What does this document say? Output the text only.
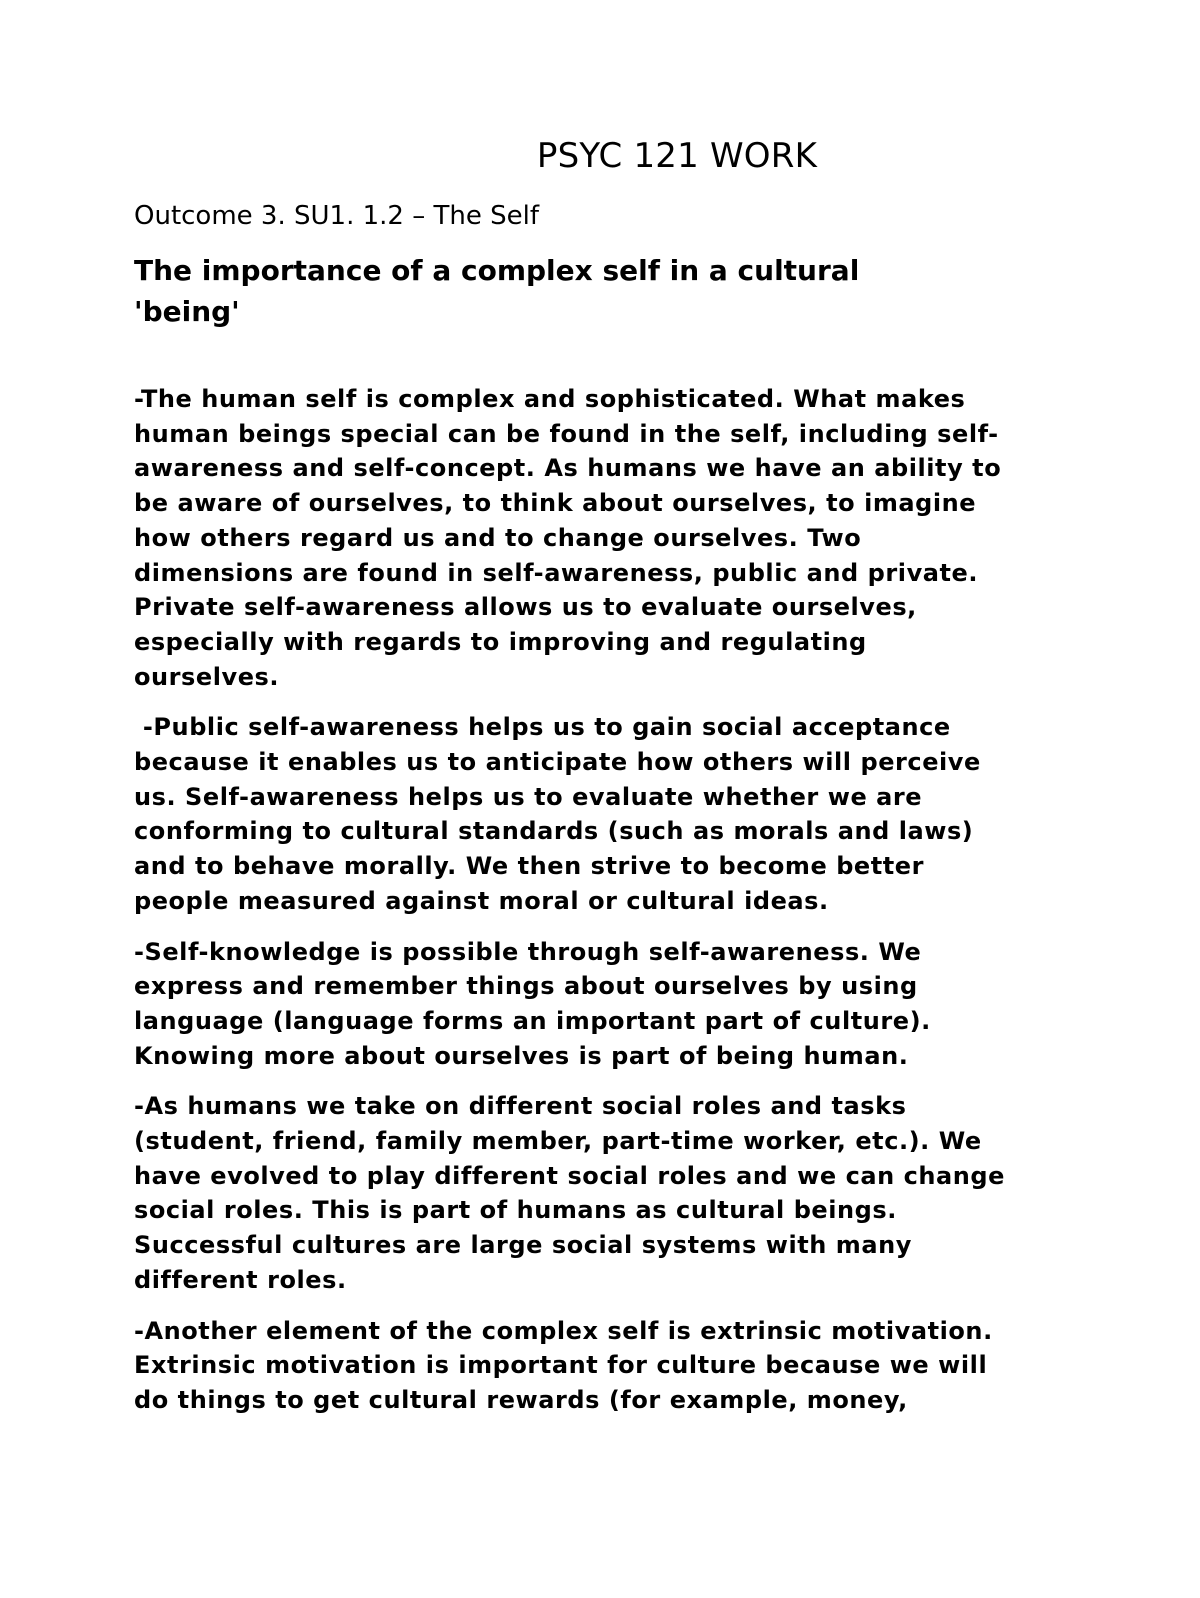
PSYC 121 WORK

Outcome 3. SU1. 1.2 – The Self

The importance of a complex self in a cultural
'being'

-The human self is complex and sophisticated. What makes
human beings special can be found in the self, including self-
awareness and self-concept. As humans we have an ability to
be aware of ourselves, to think about ourselves, to imagine
how others regard us and to change ourselves. Two
dimensions are found in self-awareness, public and private.
Private self-awareness allows us to evaluate ourselves,
especially with regards to improving and regulating
ourselves.

-Public self-awareness helps us to gain social acceptance
because it enables us to anticipate how others will perceive
us. Self-awareness helps us to evaluate whether we are
conforming to cultural standards (such as morals and laws)
and to behave morally. We then strive to become better
people measured against moral or cultural ideas.

-Self-knowledge is possible through self-awareness. We
express and remember things about ourselves by using
language (language forms an important part of culture).
Knowing more about ourselves is part of being human.

-As humans we take on different social roles and tasks
(student, friend, family member, part-time worker, etc.). We
have evolved to play different social roles and we can change
social roles. This is part of humans as cultural beings.
Successful cultures are large social systems with many
different roles.

-Another element of the complex self is extrinsic motivation.
Extrinsic motivation is important for culture because we will
do things to get cultural rewards (for example, money,
